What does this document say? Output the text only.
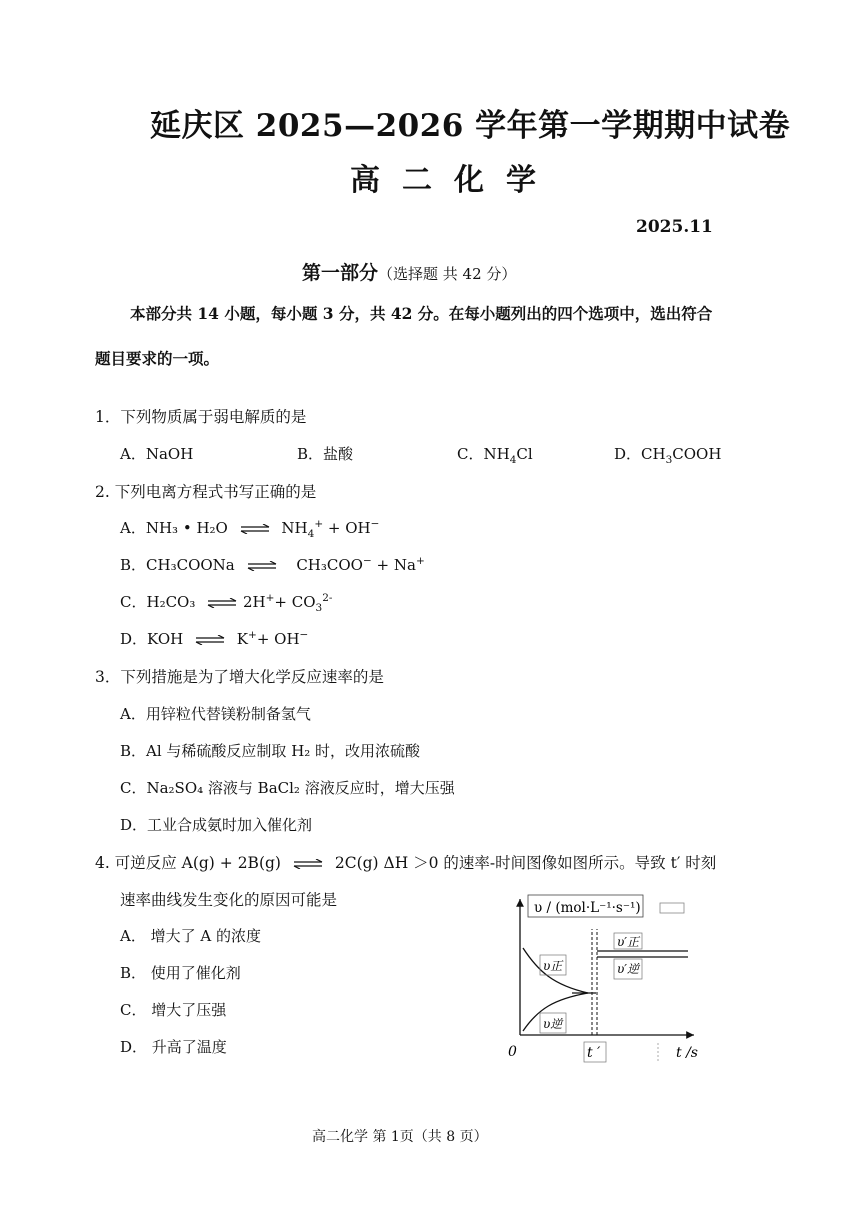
延庆区 2025—2026 学年第一学期期中试卷
高二化学
2025.11
第一部分（选择题 共 42 分）
本部分共 14 小题，每小题 3 分，共 42 分。在每小题列出的四个选项中，选出符合
题目要求的一项。
1．下列物质属于弱电解质的是
A．NaOH	B．盐酸	C．$NH_4Cl$	D．$CH_3COOH$
2. 下列电离方程式书写正确的是
A．NH₃ • H₂O ⇌ $NH_4^+ + OH^-$
B．CH₃COONa ⇌ CH₃COO− + Na+
C．H₂CO₃ ⇌ $2H^++ CO_3^{2-}$
D．KOH ⇌ K++ OH−
3．下列措施是为了增大化学反应速率的是
A．用锌粒代替镁粉制备氢气
B．Al 与稀硫酸反应制取 H₂ 时，改用浓硫酸
C．Na₂SO₄ 溶液与 BaCl₂ 溶液反应时，增大压强
D．工业合成氨时加入催化剂
4. 可逆反应 A(g) + 2B(g) ⇌ 2C(g) ΔH ＞0 的速率-时间图像如图所示。导致 t′ 时刻
速率曲线发生变化的原因可能是
A． 增大了 A 的浓度
B． 使用了催化剂
C． 增大了压强
D． 升高了温度
υ / (mol·L⁻¹·s⁻¹)
υ正
υ逆
υ′正
υ′逆
0	t ′	t /s
高二化学 第 1页（共 8 页）
